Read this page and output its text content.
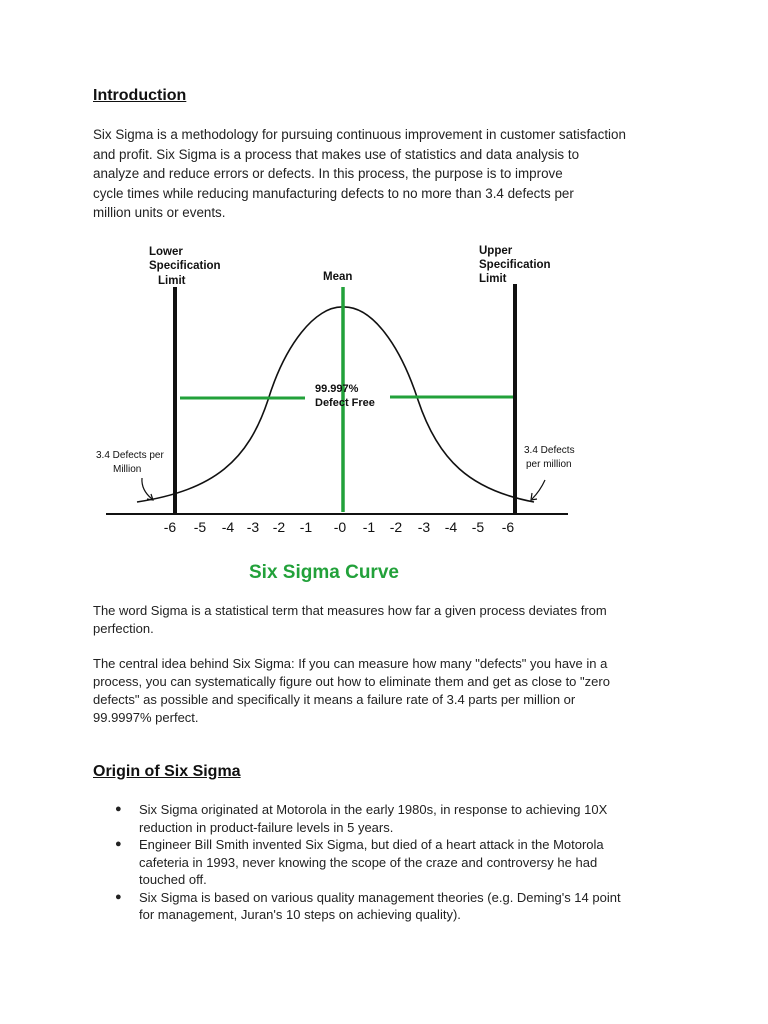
Introduction

Six Sigma is a methodology for pursuing continuous improvement in customer satisfaction
and profit. Six Sigma is a process that makes use of statistics and data analysis to
analyze and reduce errors or defects. In this process, the purpose is to improve
cycle times while reducing manufacturing defects to no more than 3.4 defects per
million units or events.

Lower Specification Limit
Upper Specification Limit
Mean
99.997% Defect Free
3.4 Defects per Million
3.4 Defects per million
-6 -5 -4 -3 -2 -1 -0 -1 -2 -3 -4 -5 -6
Six Sigma Curve

The word Sigma is a statistical term that measures how far a given process deviates from
perfection.

The central idea behind Six Sigma: If you can measure how many "defects" you have in a
process, you can systematically figure out how to eliminate them and get as close to "zero
defects" as possible and specifically it means a failure rate of 3.4 parts per million or
99.9997% perfect.

Origin of Six Sigma
● Six Sigma originated at Motorola in the early 1980s, in response to achieving 10X
reduction in product-failure levels in 5 years.
● Engineer Bill Smith invented Six Sigma, but died of a heart attack in the Motorola
cafeteria in 1993, never knowing the scope of the craze and controversy he had
touched off.
● Six Sigma is based on various quality management theories (e.g. Deming's 14 point
for management, Juran's 10 steps on achieving quality).
